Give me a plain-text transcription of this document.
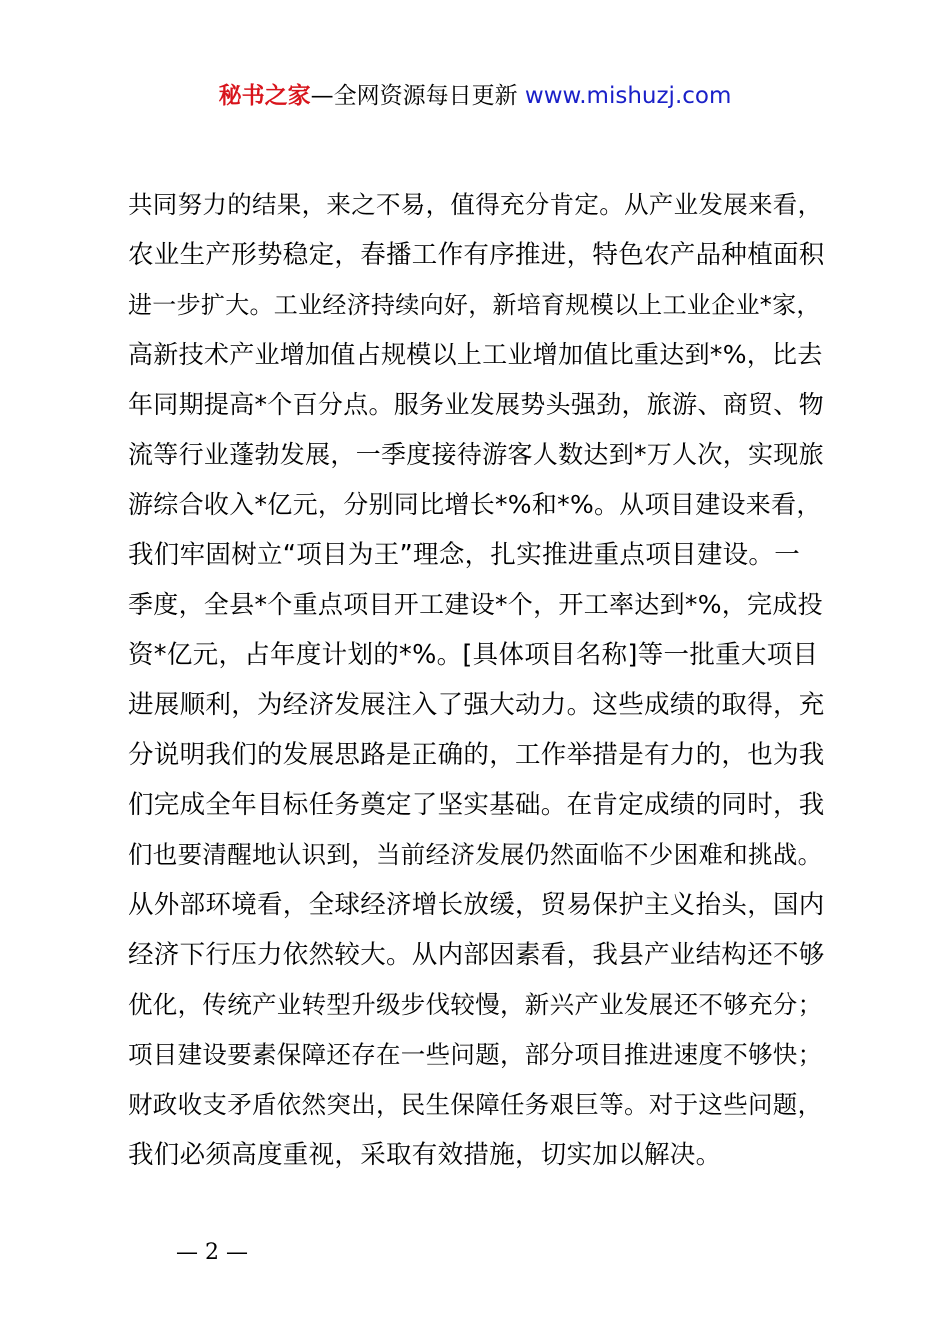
秘书之家—全网资源每日更新 www.mishuzj.com
共同努力的结果，来之不易，值得充分肯定。从产业发展来看，
农业生产形势稳定，春播工作有序推进，特色农产品种植面积
进一步扩大。工业经济持续向好，新培育规模以上工业企业*家，
高新技术产业增加值占规模以上工业增加值比重达到*%，比去
年同期提高*个百分点。服务业发展势头强劲，旅游、商贸、物
流等行业蓬勃发展，一季度接待游客人数达到*万人次，实现旅
游综合收入*亿元，分别同比增长*%和*%。从项目建设来看，
我们牢固树立“项目为王”理念，扎实推进重点项目建设。一
季度，全县*个重点项目开工建设*个，开工率达到*%，完成投
资*亿元，占年度计划的*%。[具体项目名称]等一批重大项目
进展顺利，为经济发展注入了强大动力。这些成绩的取得，充
分说明我们的发展思路是正确的，工作举措是有力的，也为我
们完成全年目标任务奠定了坚实基础。在肯定成绩的同时，我
们也要清醒地认识到，当前经济发展仍然面临不少困难和挑战。
从外部环境看，全球经济增长放缓，贸易保护主义抬头，国内
经济下行压力依然较大。从内部因素看，我县产业结构还不够
优化，传统产业转型升级步伐较慢，新兴产业发展还不够充分；
项目建设要素保障还存在一些问题，部分项目推进速度不够快；
财政收支矛盾依然突出，民生保障任务艰巨等。对于这些问题，
我们必须高度重视，采取有效措施，切实加以解决。
— 2 —
